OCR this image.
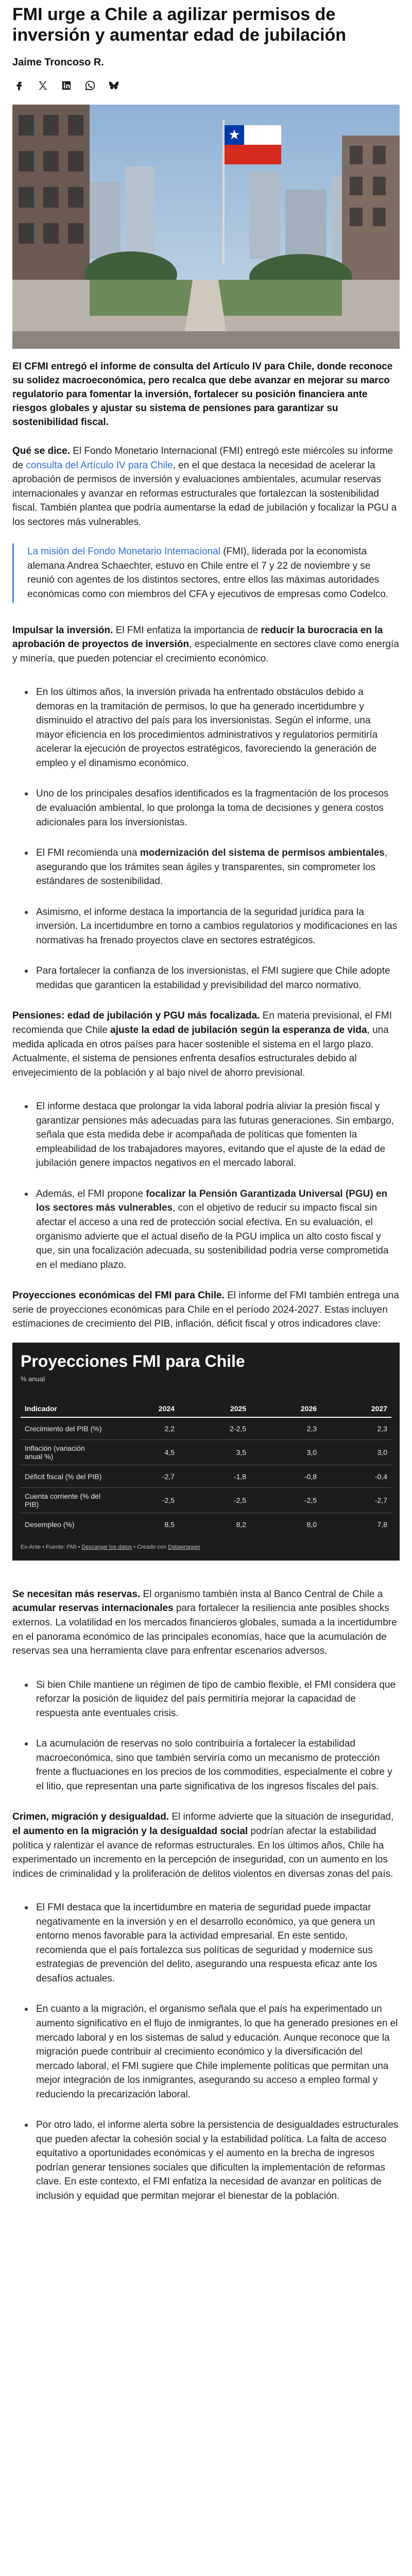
FMI urge a Chile a agilizar permisos de inversión y aumentar edad de jubilación
Jaime Troncoso R.

El CFMI entregó el informe de consulta del Artículo IV para Chile, donde reconoce su solidez macroeconómica, pero recalca que debe avanzar en mejorar su marco regulatorio para fomentar la inversión, fortalecer su posición financiera ante riesgos globales y ajustar su sistema de pensiones para garantizar su sostenibilidad fiscal.

Qué se dice. El Fondo Monetario Internacional (FMI) entregó este miércoles su informe de consulta del Artículo IV para Chile, en el que destaca la necesidad de acelerar la aprobación de permisos de inversión y evaluaciones ambientales, acumular reservas internacionales y avanzar en reformas estructurales que fortalezcan la sostenibilidad fiscal. También plantea que podría aumentarse la edad de jubilación y focalizar la PGU a los sectores más vulnerables.

La misión del Fondo Monetario Internacional (FMI), liderada por la economista alemana Andrea Schaechter, estuvo en Chile entre el 7 y 22 de noviembre y se reunió con agentes de los distintos sectores, entre ellos las máximas autoridades económicas como con miembros del CFA y ejecutivos de empresas como Codelco.

Impulsar la inversión. El FMI enfatiza la importancia de reducir la burocracia en la aprobación de proyectos de inversión, especialmente en sectores clave como energía y minería, que pueden potenciar el crecimiento económico.

En los últimos años, la inversión privada ha enfrentado obstáculos debido a demoras en la tramitación de permisos, lo que ha generado incertidumbre y disminuido el atractivo del país para los inversionistas. Según el informe, una mayor eficiencia en los procedimientos administrativos y regulatorios permitiría acelerar la ejecución de proyectos estratégicos, favoreciendo la generación de empleo y el dinamismo económico.
Uno de los principales desafíos identificados es la fragmentación de los procesos de evaluación ambiental, lo que prolonga la toma de decisiones y genera costos adicionales para los inversionistas.
El FMI recomienda una modernización del sistema de permisos ambientales, asegurando que los trámites sean ágiles y transparentes, sin comprometer los estándares de sostenibilidad.
Asimismo, el informe destaca la importancia de la seguridad jurídica para la inversión. La incertidumbre en torno a cambios regulatorios y modificaciones en las normativas ha frenado proyectos clave en sectores estratégicos.
Para fortalecer la confianza de los inversionistas, el FMI sugiere que Chile adopte medidas que garanticen la estabilidad y previsibilidad del marco normativo.

Pensiones: edad de jubilación y PGU más focalizada. En materia previsional, el FMI recomienda que Chile ajuste la edad de jubilación según la esperanza de vida, una medida aplicada en otros países para hacer sostenible el sistema en el largo plazo. Actualmente, el sistema de pensiones enfrenta desafíos estructurales debido al envejecimiento de la población y al bajo nivel de ahorro previsional.

El informe destaca que prolongar la vida laboral podría aliviar la presión fiscal y garantizar pensiones más adecuadas para las futuras generaciones. Sin embargo, señala que esta medida debe ir acompañada de políticas que fomenten la empleabilidad de los trabajadores mayores, evitando que el ajuste de la edad de jubilación genere impactos negativos en el mercado laboral.
Además, el FMI propone focalizar la Pensión Garantizada Universal (PGU) en los sectores más vulnerables, con el objetivo de reducir su impacto fiscal sin afectar el acceso a una red de protección social efectiva. En su evaluación, el organismo advierte que el actual diseño de la PGU implica un alto costo fiscal y que, sin una focalización adecuada, su sostenibilidad podría verse comprometida en el mediano plazo.

Proyecciones económicas del FMI para Chile. El informe del FMI también entrega una serie de proyecciones económicas para Chile en el período 2024-2027. Estas incluyen estimaciones de crecimiento del PIB, inflación, déficit fiscal y otros indicadores clave:

Proyecciones FMI para Chile
% anual
Indicador	2024	2025	2026	2027
Crecimiento del PIB (%)	2,2	2-2,5	2,3	2,3
Inflación (variación anual %)	4,5	3,5	3,0	3,0
Déficit fiscal (% del PIB)	-2,7	-1,8	-0,8	-0,4
Cuenta corriente (% del PIB)	-2,5	-2,5	-2,5	-2,7
Desempleo (%)	8,5	8,2	8,0	7,8
Ex-Ante • Fuente: FMI • Descargar los datos • Creado con Datawrapper

Se necesitan más reservas. El organismo también insta al Banco Central de Chile a acumular reservas internacionales para fortalecer la resiliencia ante posibles shocks externos. La volatilidad en los mercados financieros globales, sumada a la incertidumbre en el panorama económico de las principales economías, hace que la acumulación de reservas sea una herramienta clave para enfrentar escenarios adversos.

Si bien Chile mantiene un régimen de tipo de cambio flexible, el FMI considera que reforzar la posición de liquidez del país permitiría mejorar la capacidad de respuesta ante eventuales crisis.
La acumulación de reservas no solo contribuiría a fortalecer la estabilidad macroeconómica, sino que también serviría como un mecanismo de protección frente a fluctuaciones en los precios de los commodities, especialmente el cobre y el litio, que representan una parte significativa de los ingresos fiscales del país.

Crimen, migración y desigualdad. El informe advierte que la situación de inseguridad, el aumento en la migración y la desigualdad social podrían afectar la estabilidad política y ralentizar el avance de reformas estructurales. En los últimos años, Chile ha experimentado un incremento en la percepción de inseguridad, con un aumento en los índices de criminalidad y la proliferación de delitos violentos en diversas zonas del país.

El FMI destaca que la incertidumbre en materia de seguridad puede impactar negativamente en la inversión y en el desarrollo económico, ya que genera un entorno menos favorable para la actividad empresarial. En este sentido, recomienda que el país fortalezca sus políticas de seguridad y modernice sus estrategias de prevención del delito, asegurando una respuesta eficaz ante los desafíos actuales.
En cuanto a la migración, el organismo señala que el país ha experimentado un aumento significativo en el flujo de inmigrantes, lo que ha generado presiones en el mercado laboral y en los sistemas de salud y educación. Aunque reconoce que la migración puede contribuir al crecimiento económico y la diversificación del mercado laboral, el FMI sugiere que Chile implemente políticas que permitan una mejor integración de los inmigrantes, asegurando su acceso a empleo formal y reduciendo la precarización laboral.
Por otro lado, el informe alerta sobre la persistencia de desigualdades estructurales que pueden afectar la cohesión social y la estabilidad política. La falta de acceso equitativo a oportunidades económicas y el aumento en la brecha de ingresos podrían generar tensiones sociales que dificulten la implementación de reformas clave. En este contexto, el FMI enfatiza la necesidad de avanzar en políticas de inclusión y equidad que permitan mejorar el bienestar de la población.
